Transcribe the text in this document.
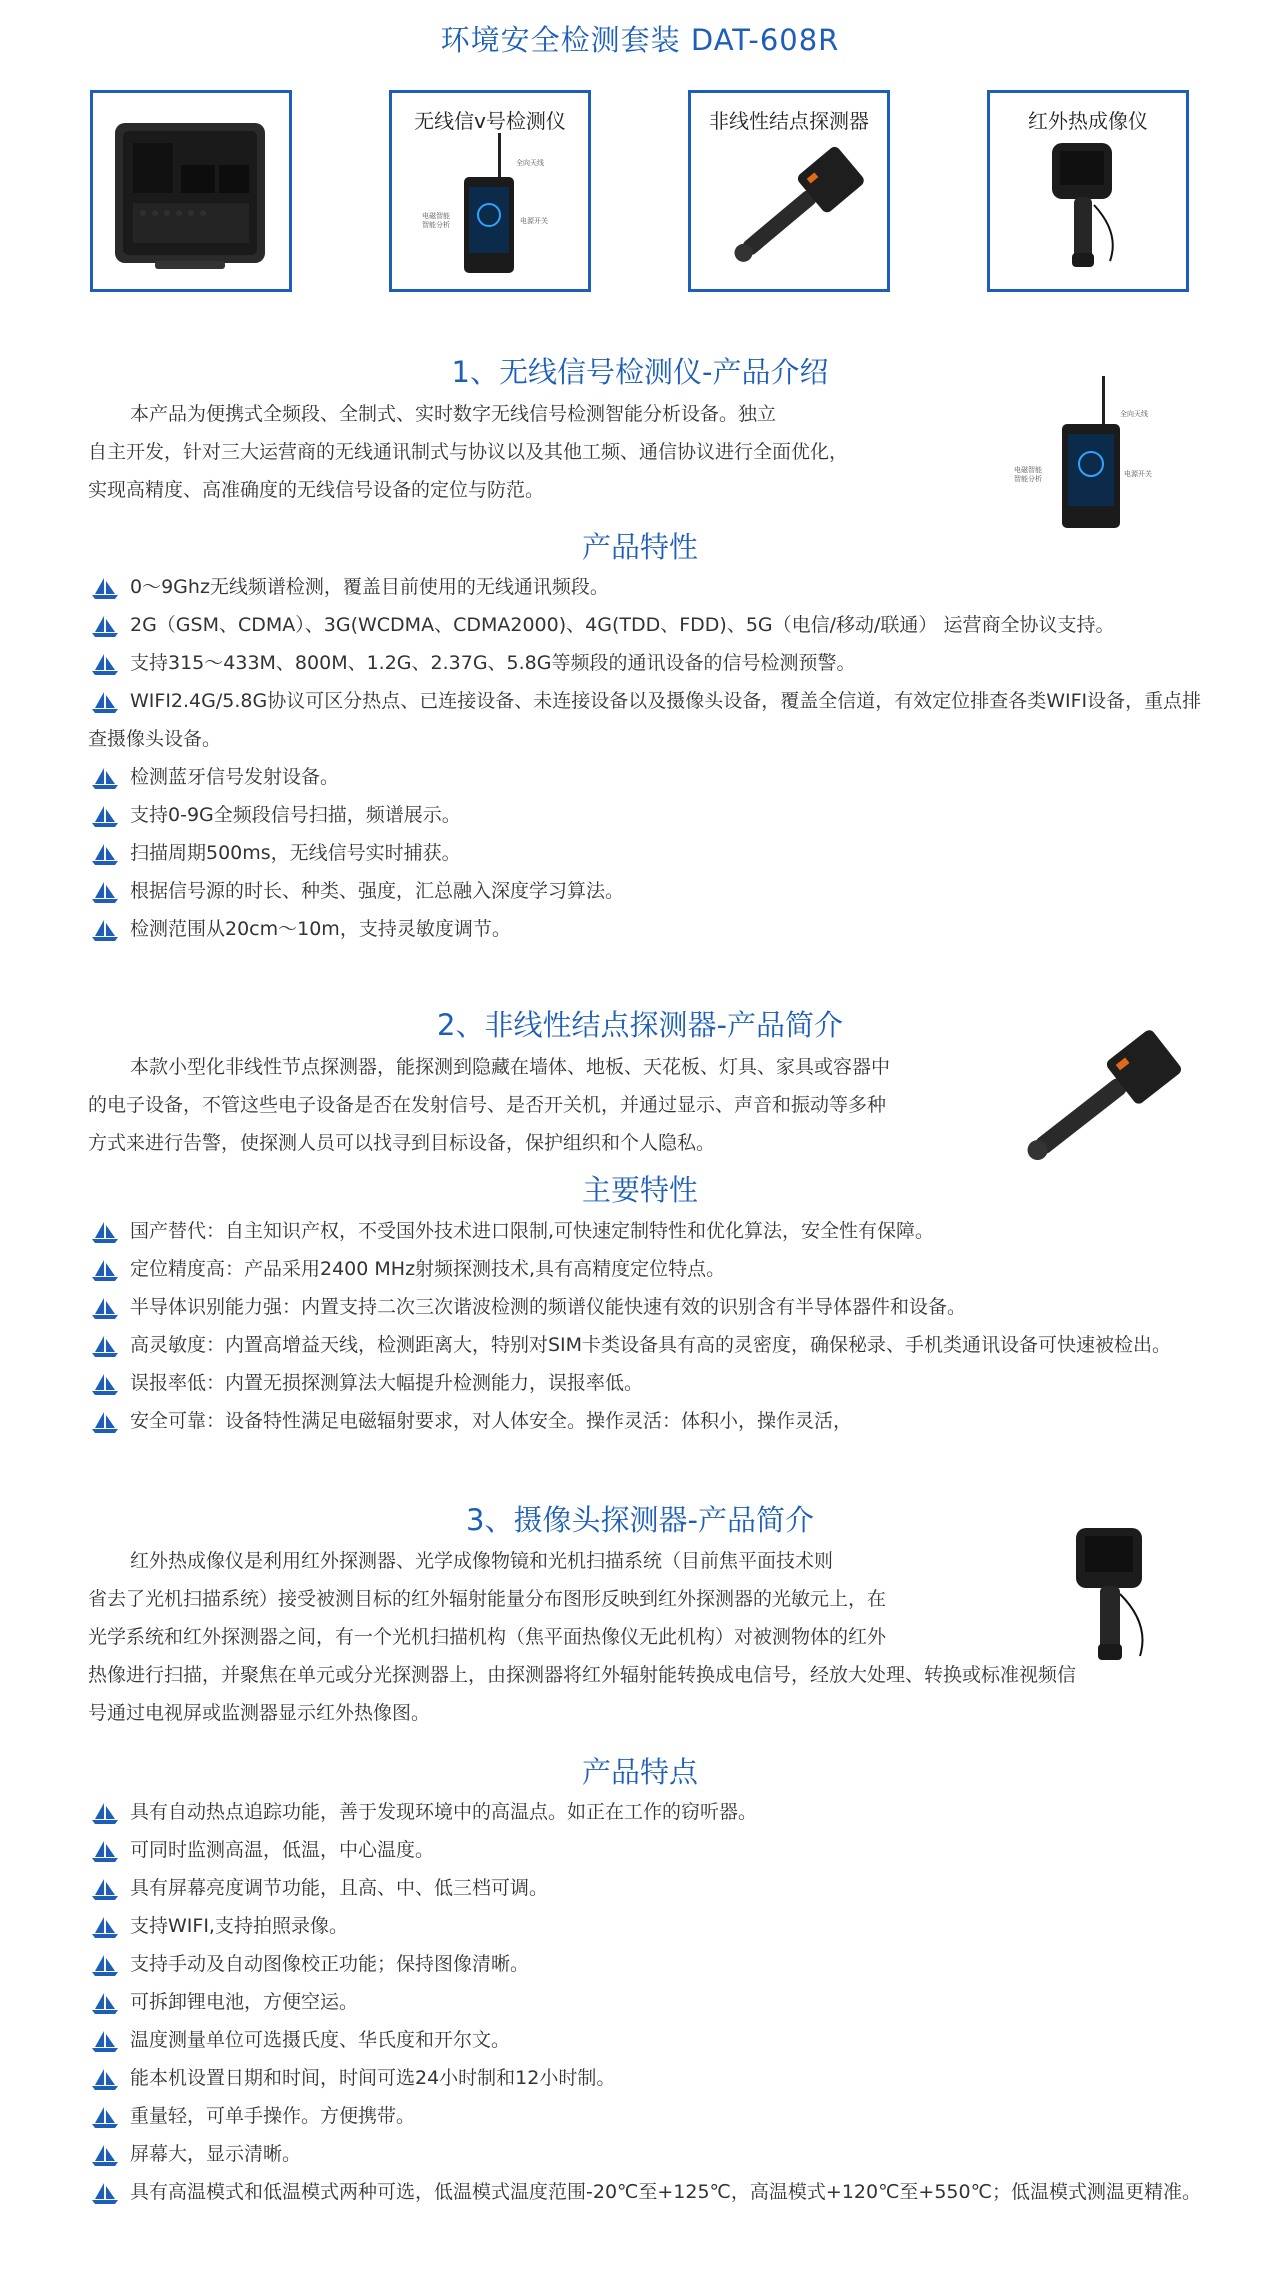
环境安全检测套装 DAT-608R
无线信v号检测仪
全向天线
电磁智能
智能分析	电源开关
非线性结点探测器	红外热成像仪
1、无线信号检测仪-产品介绍
本产品为便携式全频段、全制式、实时数字无线信号检测智能分析设备。独立
自主开发，针对三大运营商的无线通讯制式与协议以及其他工频、通信协议进行全面优化，
实现高精度、高准确度的无线信号设备的定位与防范。
全向天线
电磁智能
智能分析
电源开关
产品特性
0～9Ghz无线频谱检测，覆盖目前使用的无线通讯频段。
2G（GSM、CDMA）、3G(WCDMA、CDMA2000)、4G(TDD、FDD)、5G（电信/移动/联通） 运营商全协议支持。
支持315～433M、800M、1.2G、2.37G、5.8G等频段的通讯设备的信号检测预警。
WIFI2.4G/5.8G协议可区分热点、已连接设备、未连接设备以及摄像头设备，覆盖全信道，有效定位排查各类WIFI设备，重点排查摄像头设备。
检测蓝牙信号发射设备。
支持0-9G全频段信号扫描，频谱展示。
扫描周期500ms，无线信号实时捕获。
根据信号源的时长、种类、强度，汇总融入深度学习算法。
检测范围从20cm～10m，支持灵敏度调节。
2、非线性结点探测器-产品简介
本款小型化非线性节点探测器，能探测到隐藏在墙体、地板、天花板、灯具、家具或容器中
的电子设备，不管这些电子设备是否在发射信号、是否开关机，并通过显示、声音和振动等多种
方式来进行告警，使探测人员可以找寻到目标设备，保护组织和个人隐私。
主要特性
国产替代：自主知识产权，不受国外技术进口限制,可快速定制特性和优化算法，安全性有保障。
定位精度高：产品采用2400 MHz射频探测技术,具有高精度定位特点。
半导体识别能力强：内置支持二次三次谐波检测的频谱仪能快速有效的识别含有半导体器件和设备。
高灵敏度：内置高增益天线，检测距离大，特别对SIM卡类设备具有高的灵密度，确保秘录、手机类通讯设备可快速被检出。
误报率低：内置无损探测算法大幅提升检测能力，误报率低。
安全可靠：设备特性满足电磁辐射要求，对人体安全。操作灵活：体积小，操作灵活，
3、摄像头探测器-产品简介
红外热成像仪是利用红外探测器、光学成像物镜和光机扫描系统（目前焦平面技术则
省去了光机扫描系统）接受被测目标的红外辐射能量分布图形反映到红外探测器的光敏元上，在
光学系统和红外探测器之间，有一个光机扫描机构（焦平面热像仪无此机构）对被测物体的红外
热像进行扫描，并聚焦在单元或分光探测器上，由探测器将红外辐射能转换成电信号，经放大处理、转换或标准视频信
号通过电视屏或监测器显示红外热像图。
产品特点
具有自动热点追踪功能，善于发现环境中的高温点。如正在工作的窃听器。
可同时监测高温，低温，中心温度。
具有屏幕亮度调节功能，且高、中、低三档可调。
支持WIFI,支持拍照录像。
支持手动及自动图像校正功能；保持图像清晰。
可拆卸锂电池，方便空运。
温度测量单位可选摄氏度、华氏度和开尔文。
能本机设置日期和时间，时间可选24小时制和12小时制。
重量轻，可单手操作。方便携带。
屏幕大，显示清晰。
具有高温模式和低温模式两种可选，低温模式温度范围-20℃至+125℃，高温模式+120℃至+550℃；低温模式测温更精准。
